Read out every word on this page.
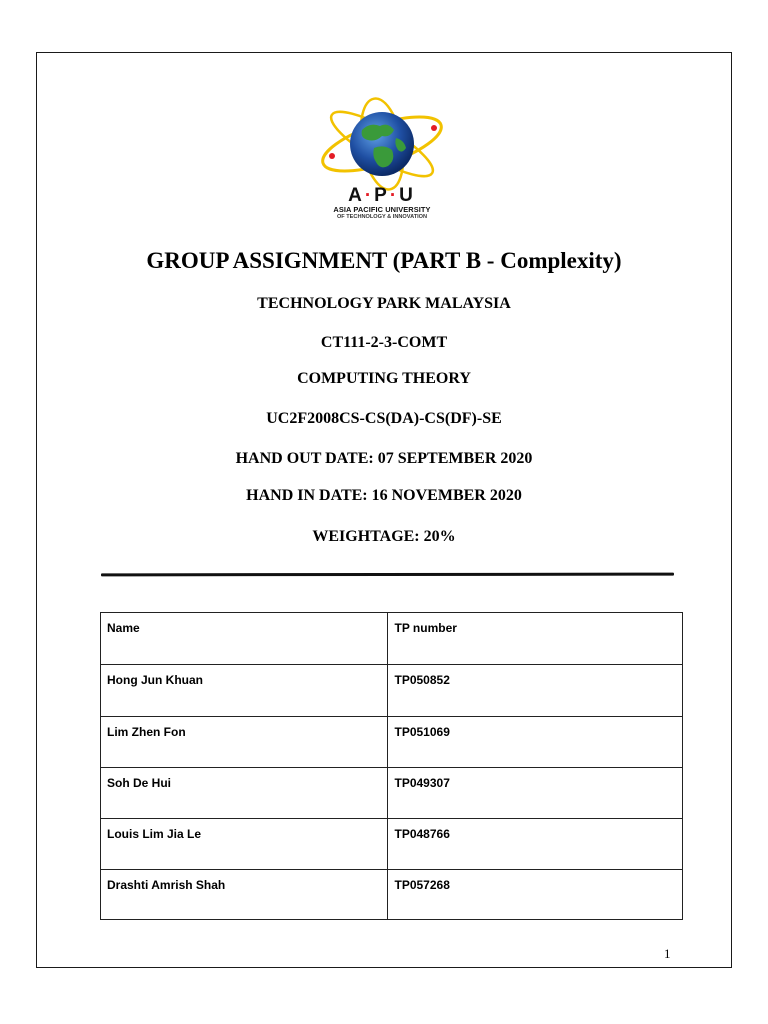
A·P·U
ASIA PACIFIC UNIVERSITY
OF TECHNOLOGY & INNOVATION
GROUP ASSIGNMENT (PART B - Complexity)
TECHNOLOGY PARK MALAYSIA
CT111-2-3-COMT
COMPUTING THEORY
UC2F2008CS-CS(DA)-CS(DF)-SE
HAND OUT DATE: 07 SEPTEMBER 2020
HAND IN DATE: 16 NOVEMBER 2020
WEIGHTAGE: 20%
Name	TP number
Hong Jun Khuan	TP050852
Lim Zhen Fon	TP051069
Soh De Hui	TP049307
Louis Lim Jia Le	TP048766
Drashti Amrish Shah	TP057268
1
